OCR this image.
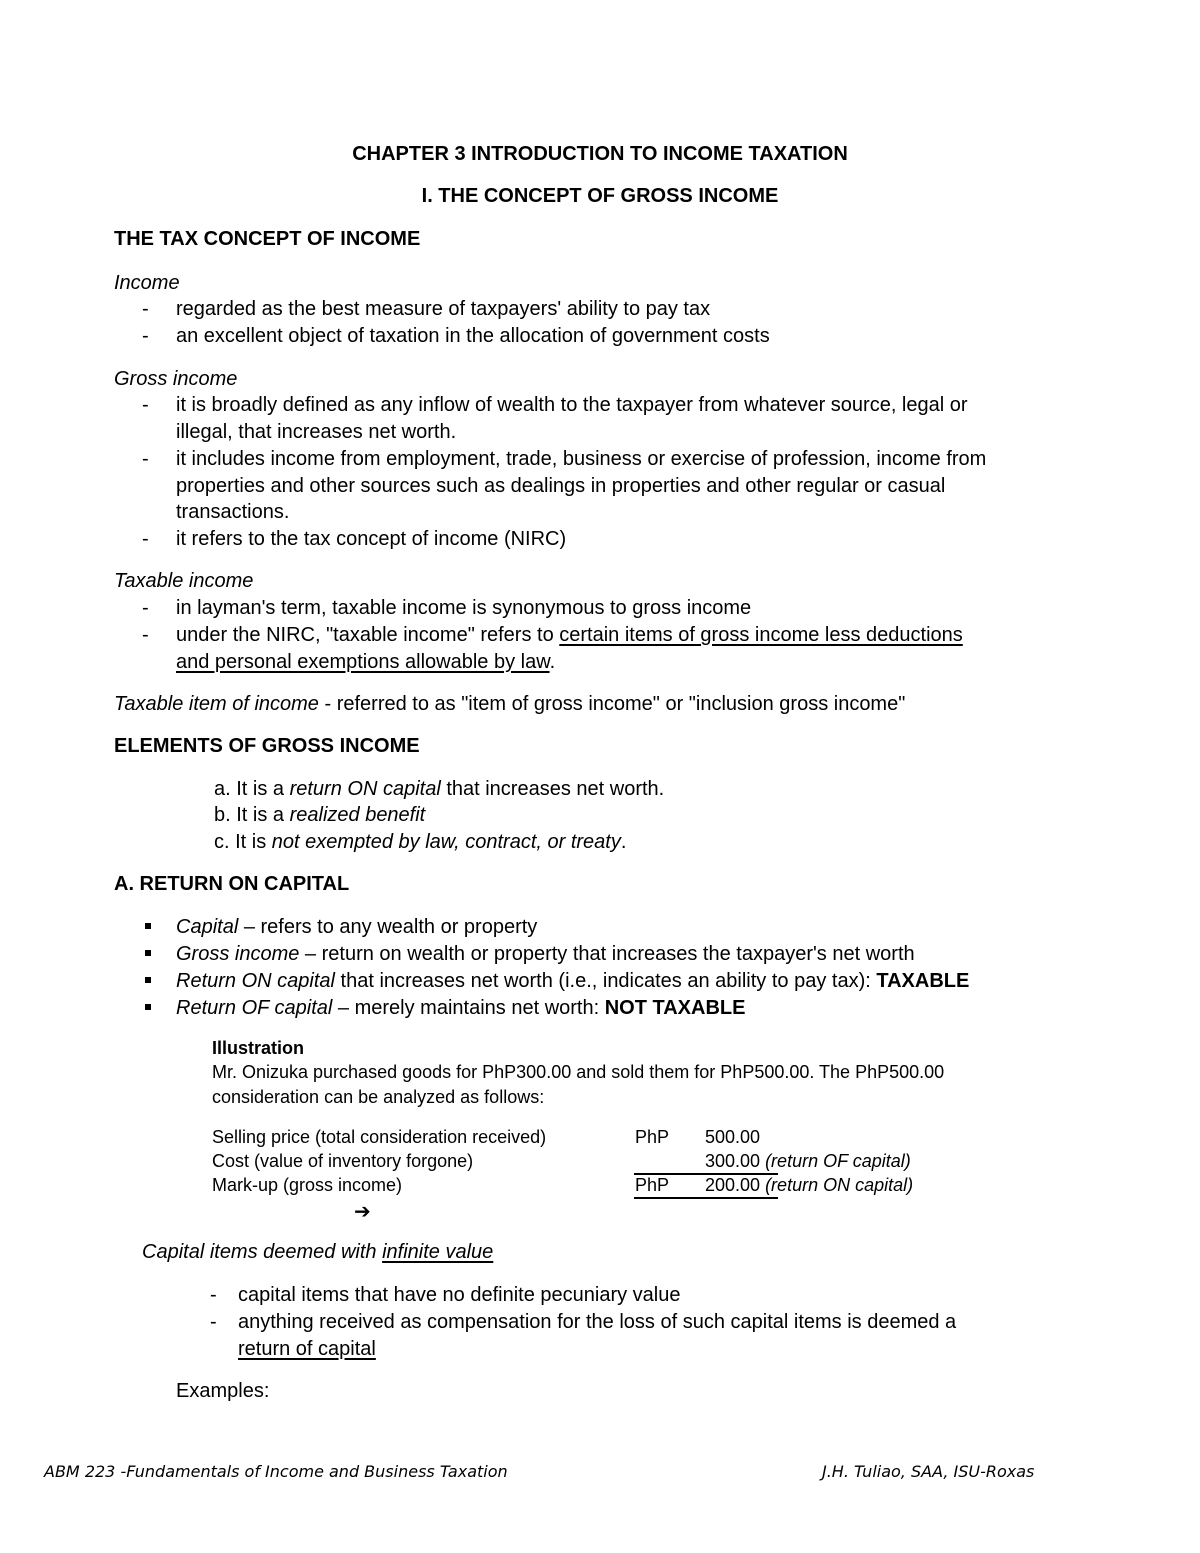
CHAPTER 3 INTRODUCTION TO INCOME TAXATION
I. THE CONCEPT OF GROSS INCOME
THE TAX CONCEPT OF INCOME
Income
- regarded as the best measure of taxpayers' ability to pay tax
- an excellent object of taxation in the allocation of government costs
Gross income
- it is broadly defined as any inflow of wealth to the taxpayer from whatever source, legal or
illegal, that increases net worth.
- it includes income from employment, trade, business or exercise of profession, income from
properties and other sources such as dealings in properties and other regular or casual
transactions.
- it refers to the tax concept of income (NIRC)
Taxable income
- in layman's term, taxable income is synonymous to gross income
- under the NIRC, "taxable income" refers to certain items of gross income less deductions
and personal exemptions allowable by law.
Taxable item of income - referred to as "item of gross income" or "inclusion gross income"
ELEMENTS OF GROSS INCOME
a. It is a return ON capital that increases net worth.
b. It is a realized benefit
c. It is not exempted by law, contract, or treaty.
A. RETURN ON CAPITAL
Capital – refers to any wealth or property
Gross income – return on wealth or property that increases the taxpayer's net worth
Return ON capital that increases net worth (i.e., indicates an ability to pay tax): TAXABLE
Return OF capital – merely maintains net worth: NOT TAXABLE
Illustration
Mr. Onizuka purchased goods for PhP300.00 and sold them for PhP500.00. The PhP500.00
consideration can be analyzed as follows:
Selling price (total consideration received)	PhP 500.00
Cost (value of inventory forgone)	300.00 (return OF capital)
Mark-up (gross income)	PhP 200.00 (return ON capital)
➔
Capital items deemed with infinite value
- capital items that have no definite pecuniary value
- anything received as compensation for the loss of such capital items is deemed a
return of capital
Examples:
ABM 223 -Fundamentals of Income and Business Taxation	J.H. Tuliao, SAA, ISU-Roxas
